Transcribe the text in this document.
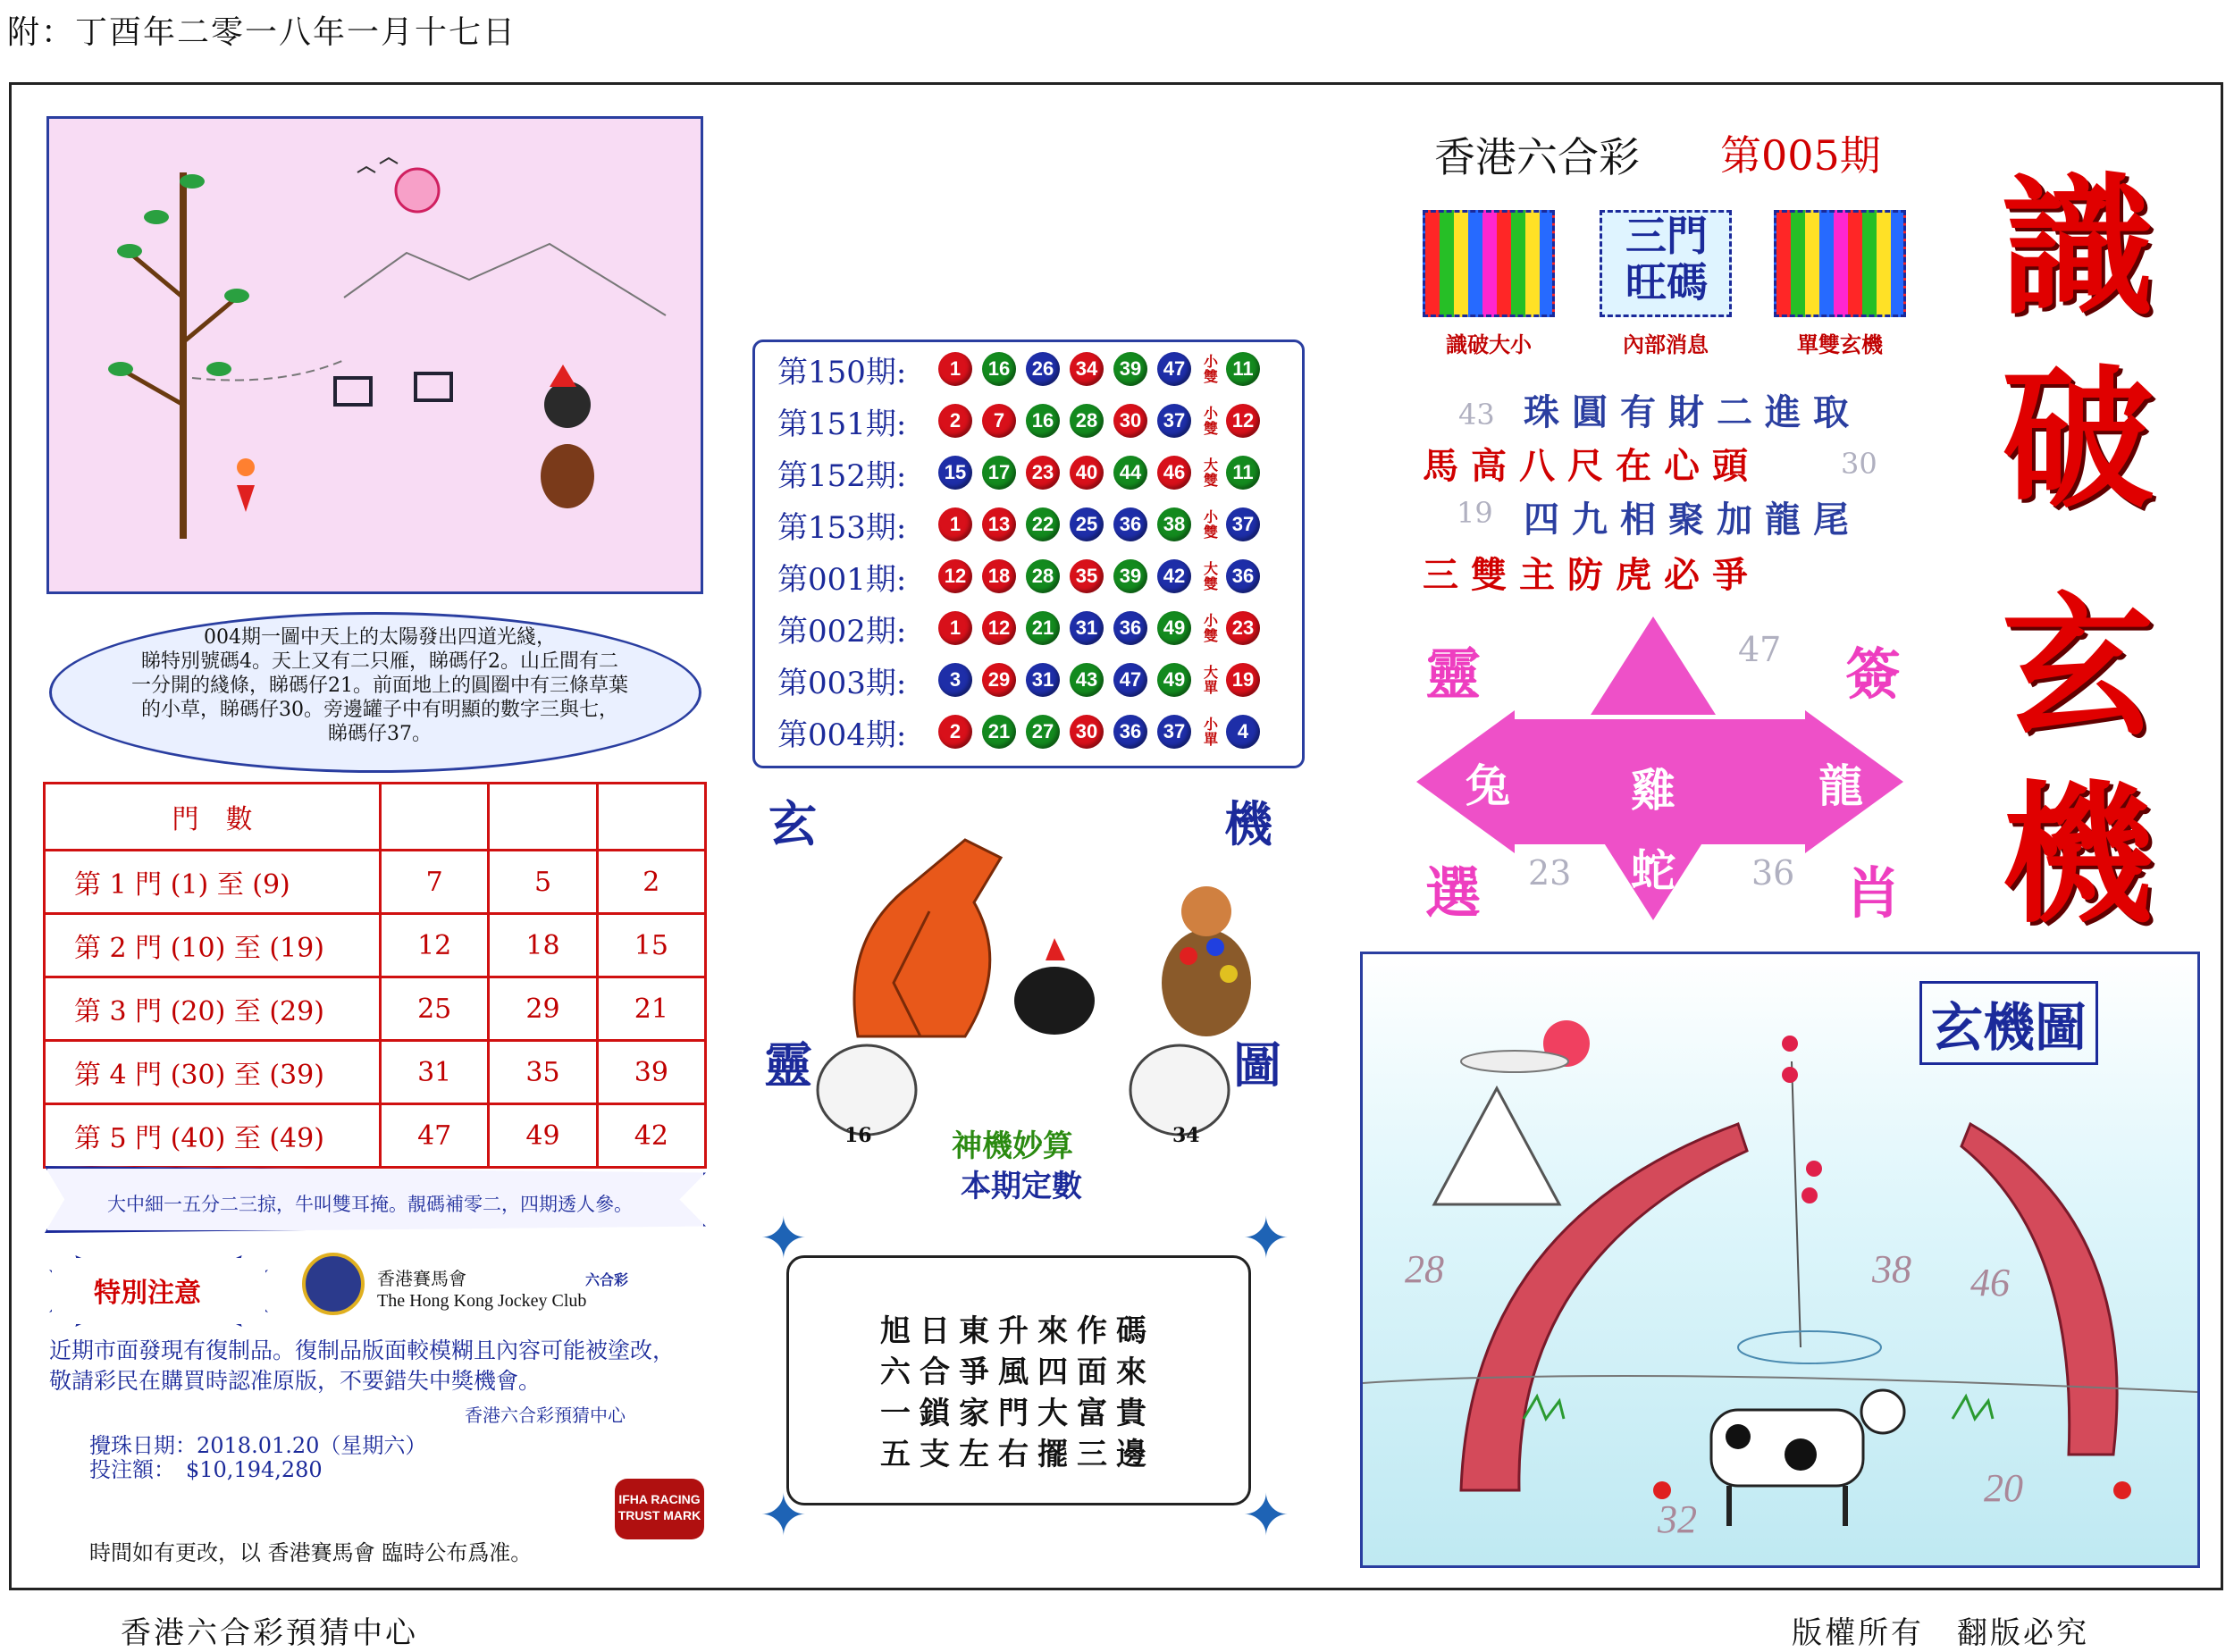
附：丁酉年二零一八年一月十七日
香港六合彩預猜中心	版權所有　翻版必究
004期一圖中天上的太陽發出四道光綫，
睇特別號碼4。天上又有二只雁，睇碼仔2。山丘間有二
一分開的綫條，睇碼仔21。前面地上的圓圈中有三條草葉
的小草，睇碼仔30。旁邊罐子中有明顯的數字三與七，
睇碼仔37。
門　數			
第 1 門 (1) 至 (9)	7	5	2
第 2 門 (10) 至 (19)	12	18	15
第 3 門 (20) 至 (29)	25	29	21
第 4 門 (30) 至 (39)	31	35	39
第 5 門 (40) 至 (49)	47	49	42
大中細一五分二三掠，牛叫雙耳掩。靚碼補零二，四期透人參。
特別注意	香港賽馬會
The Hong Kong Jockey Club
六合彩
近期市面發現有復制品。復制品版面較模糊且內容可能被塗改，敬請彩民在購買時認准原版，不要錯失中獎機會。
香港六合彩預猜中心
攪珠日期：2018.01.20（星期六）
投注額：　$10,194,280
時間如有更改，以 香港賽馬會 臨時公布爲准。
IFHA RACING TRUST MARK
第150期:	1	16	26	34	39	47	小雙 11
第151期:	2	7	16	28	30	37	小雙 12
第152期:	15	17	23	40	44	46	大雙 11
第153期:	1	13	22	25	36	38	小雙 37
第001期:	12	18	28	35	39	42	大雙 36
第002期:	1	12	21	31	36	49	小雙 23
第003期:	3	29	31	43	47	49	大單 19
第004期:	2	21	27	30	36	37	小單 4
玄	機
靈	圖
16	34
神機妙算
本期定數
✦	✦
✦	✦
旭日東升來作碼
六合爭風四面來
一鎖家門大富貴
五支左右擺三邊
香港六合彩 第005期
識
破
玄
機
識破大小
三門旺碼
內部消息	單雙玄機
43
30
19
珠圓有財二進取
馬高八尺在心頭
四九相聚加龍尾
三雙主防虎必爭
靈	簽
兔	龍
選	肖
雞
蛇
47
23	36
玄機圖
28	38 46
32
20
